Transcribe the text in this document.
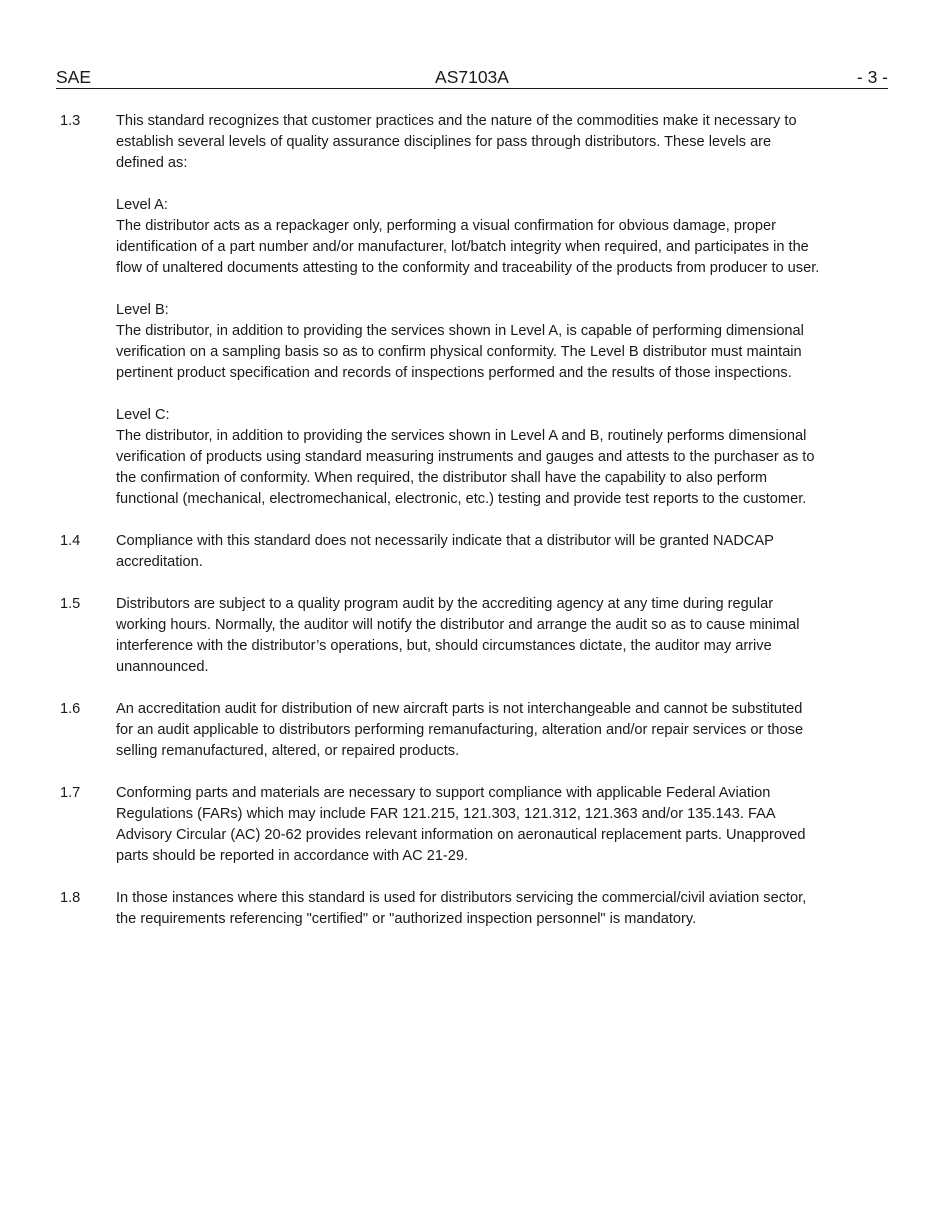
SAE	AS7103A	- 3 -
1.3 This standard recognizes that customer practices and the nature of the commodities make it necessary to establish several levels of quality assurance disciplines for pass through distributors. These levels are defined as:

Level A:

The distributor acts as a repackager only, performing a visual confirmation for obvious damage, proper identification of a part number and/or manufacturer, lot/batch integrity when required, and participates in the flow of unaltered documents attesting to the conformity and traceability of the products from producer to user.

Level B:

The distributor, in addition to providing the services shown in Level A, is capable of performing dimensional verification on a sampling basis so as to confirm physical conformity. The Level B distributor must maintain pertinent product specification and records of inspections performed and the results of those inspections.

Level C:

The distributor, in addition to providing the services shown in Level A and B, routinely performs dimensional verification of products using standard measuring instruments and gauges and attests to the purchaser as to the confirmation of conformity. When required, the distributor shall have the capability to also perform functional (mechanical, electromechanical, electronic, etc.) testing and provide test reports to the customer.

1.4 Compliance with this standard does not necessarily indicate that a distributor will be granted NADCAP accreditation.

1.5 Distributors are subject to a quality program audit by the accrediting agency at any time during regular working hours. Normally, the auditor will notify the distributor and arrange the audit so as to cause minimal interference with the distributor’s operations, but, should circumstances dictate, the auditor may arrive unannounced.

1.6 An accreditation audit for distribution of new aircraft parts is not interchangeable and cannot be substituted for an audit applicable to distributors performing remanufacturing, alteration and/or repair services or those selling remanufactured, altered, or repaired products.

1.7 Conforming parts and materials are necessary to support compliance with applicable Federal Aviation Regulations (FARs) which may include FAR 121.215, 121.303, 121.312, 121.363 and/or 135.143. FAA Advisory Circular (AC) 20-62 provides relevant information on aeronautical replacement parts. Unapproved parts should be reported in accordance with AC 21-29.

1.8 In those instances where this standard is used for distributors servicing the commercial/civil aviation sector, the requirements referencing "certified" or "authorized inspection personnel" is mandatory.
